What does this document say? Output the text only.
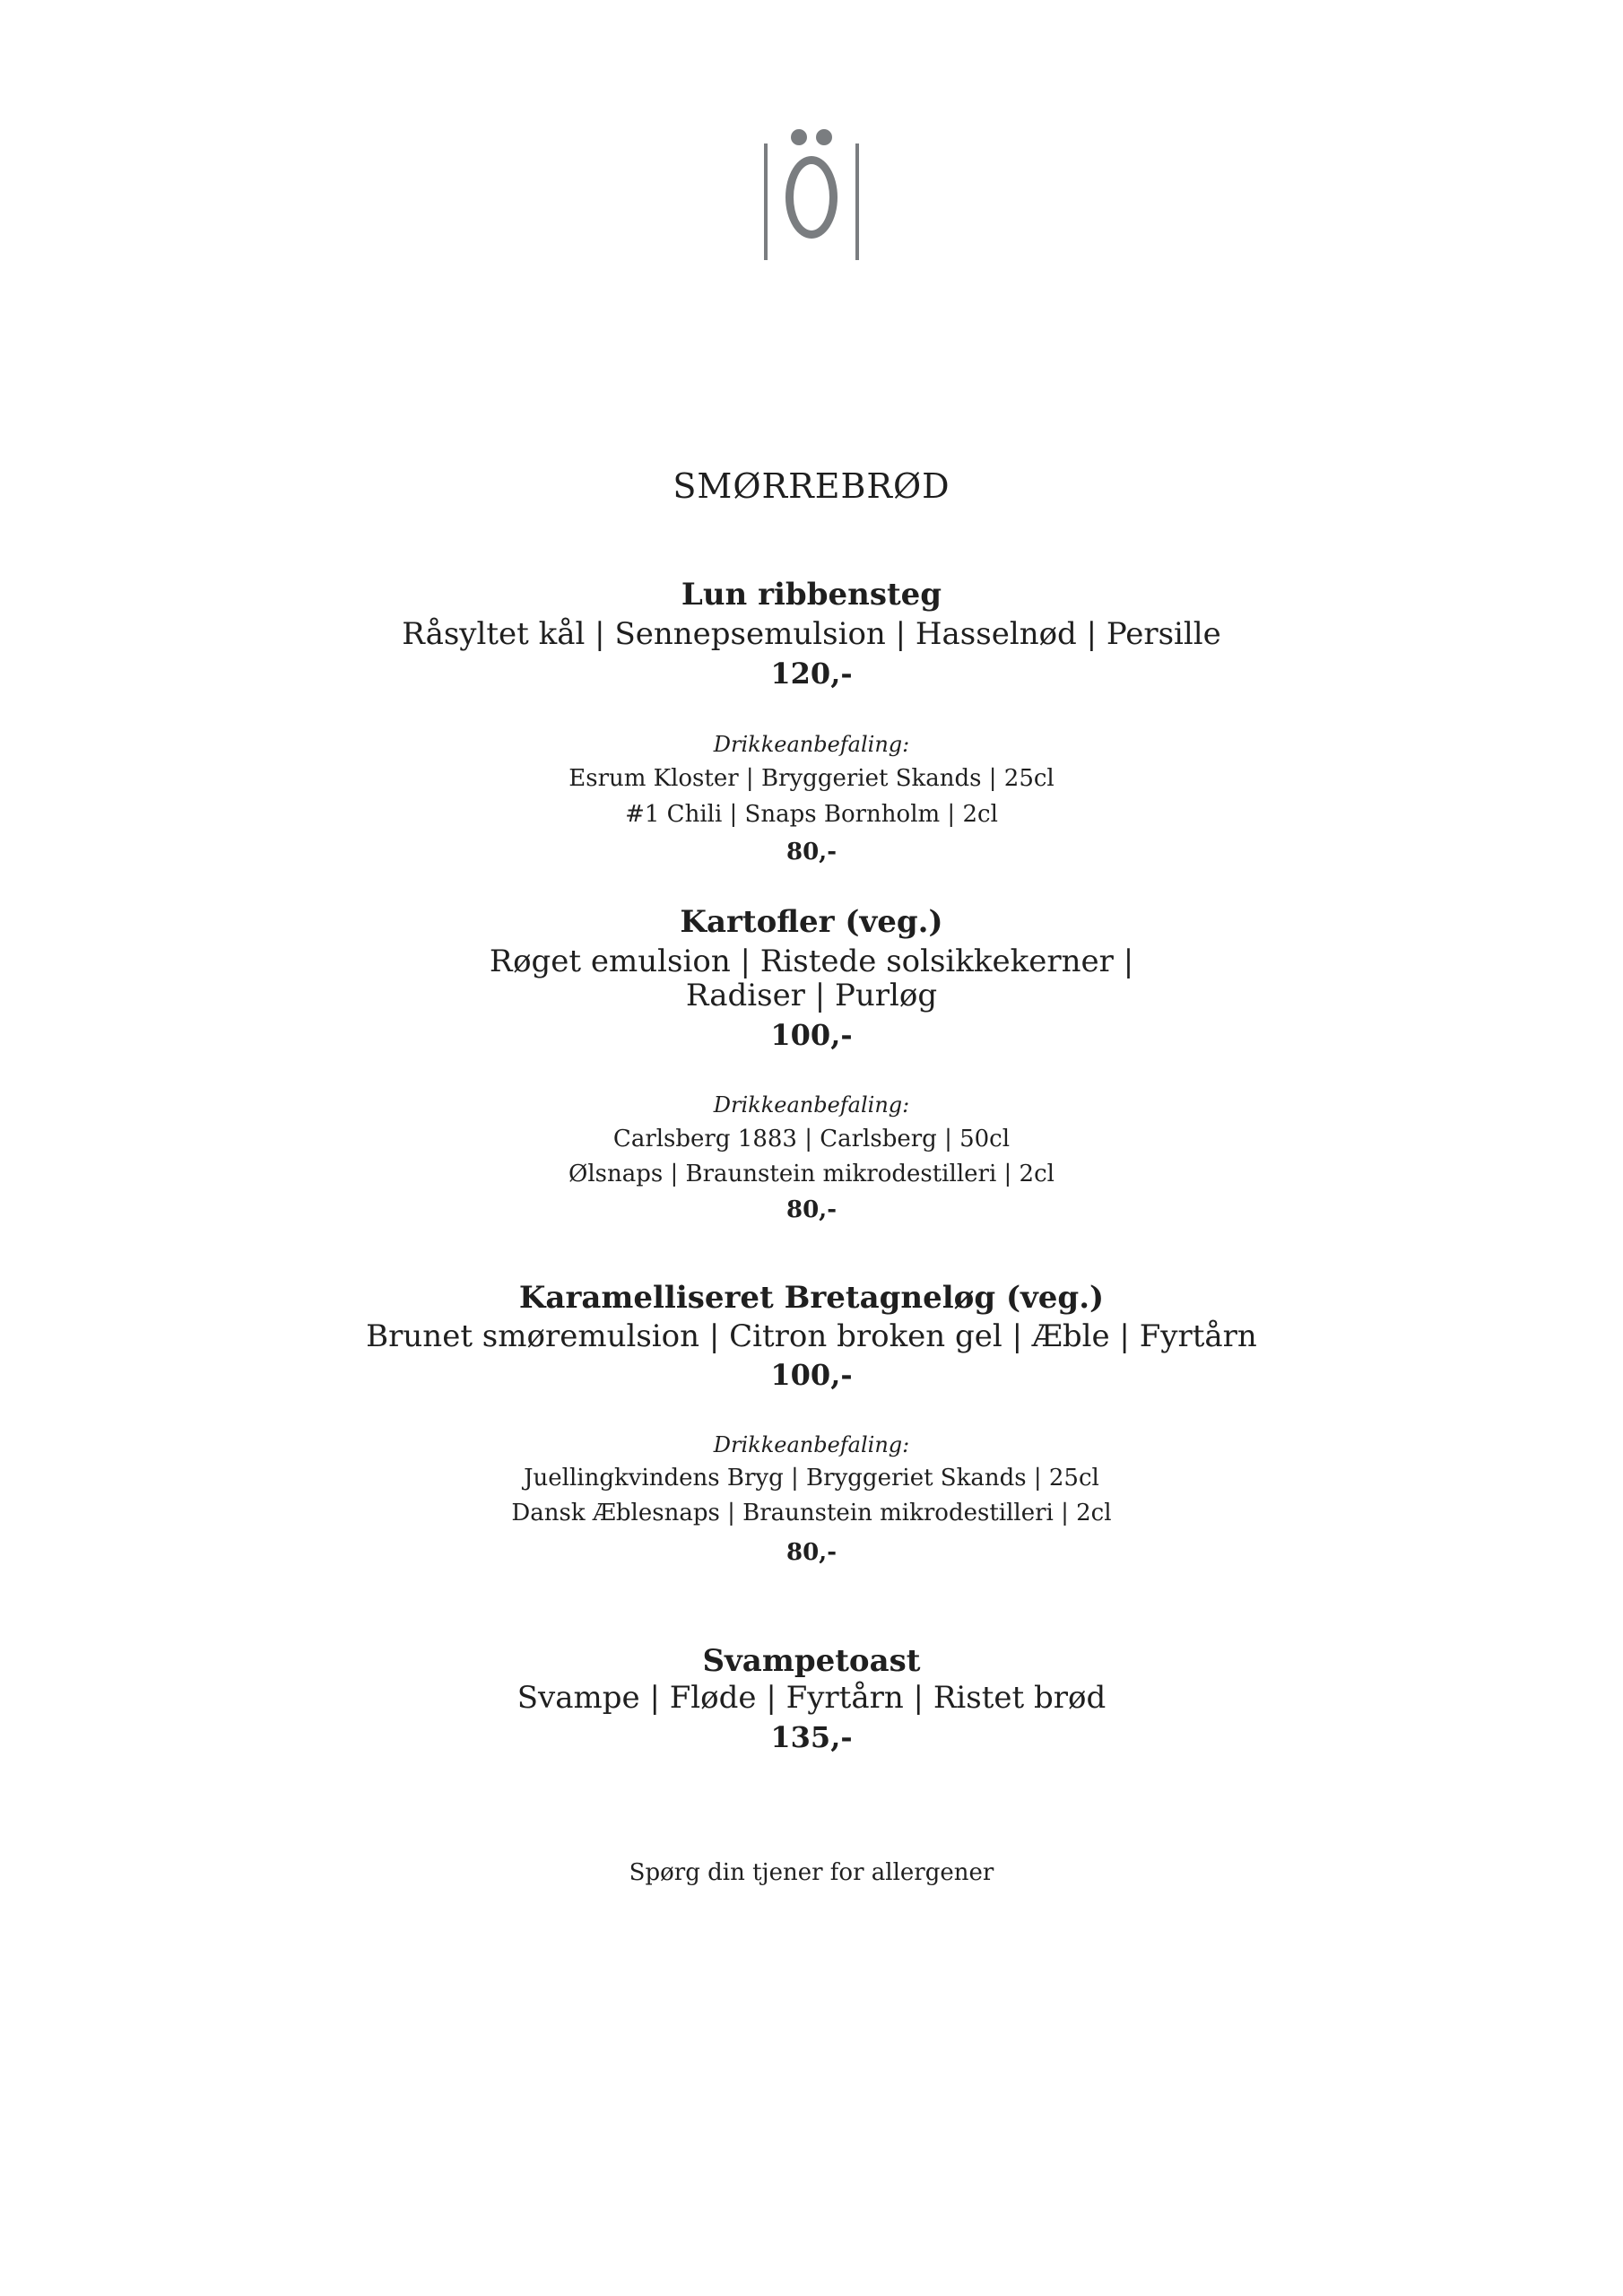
SMØRREBRØD
Lun ribbensteg
Råsyltet kål | Sennepsemulsion | Hasselnød | Persille
120,-
Drikkeanbefaling:
Esrum Kloster | Bryggeriet Skands | 25cl
#1 Chili | Snaps Bornholm | 2cl
80,-
Kartofler (veg.)
Røget emulsion | Ristede solsikkekerner |
Radiser | Purløg
100,-
Drikkeanbefaling:
Carlsberg 1883 | Carlsberg | 50cl
Ølsnaps | Braunstein mikrodestilleri | 2cl
80,-
Karamelliseret Bretagneløg (veg.)
Brunet smøremulsion | Citron broken gel | Æble | Fyrtårn
100,-
Drikkeanbefaling:
Juellingkvindens Bryg | Bryggeriet Skands | 25cl
Dansk Æblesnaps | Braunstein mikrodestilleri | 2cl
80,-
Svampetoast
Svampe | Fløde | Fyrtårn | Ristet brød
135,-
Spørg din tjener for allergener
